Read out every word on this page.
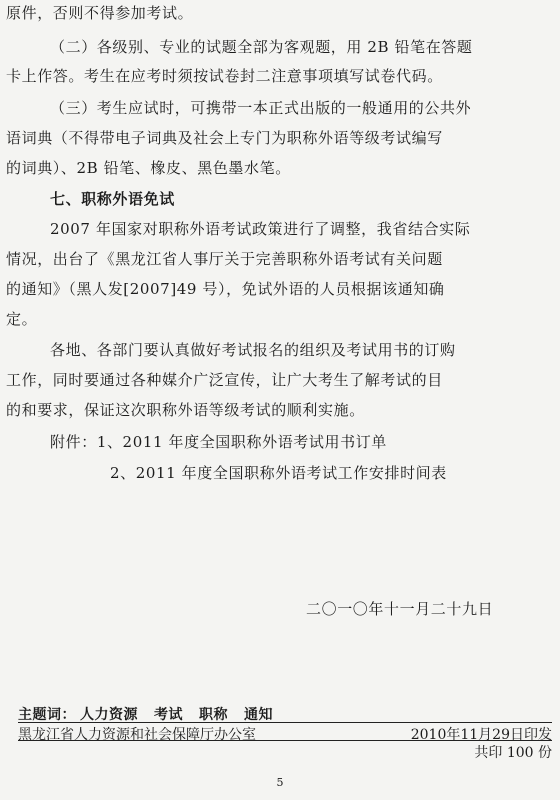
原件，否则不得参加考试。

（二）各级别、专业的试题全部为客观题，用 2B 铅笔在答题

卡上作答。考生在应考时须按试卷封二注意事项填写试卷代码。

（三）考生应试时，可携带一本正式出版的一般通用的公共外

语词典（不得带电子词典及社会上专门为职称外语等级考试编写

的词典）、2B 铅笔、橡皮、黑色墨水笔。

七、职称外语免试

2007 年国家对职称外语考试政策进行了调整，我省结合实际

情况，出台了《黑龙江省人事厅关于完善职称外语考试有关问题

的通知》（黑人发[2007]49 号），免试外语的人员根据该通知确

定。

各地、各部门要认真做好考试报名的组织及考试用书的订购

工作，同时要通过各种媒介广泛宣传，让广大考生了解考试的目

的和要求，保证这次职称外语等级考试的顺利实施。

附件：1、2011 年度全国职称外语考试用书订单

2、2011 年度全国职称外语考试工作安排时间表

二〇一〇年十一月二十九日

主题词： 人力资源 考试 职称 通知
黑龙江省人力资源和社会保障厅办公室	2010年11月29日印发
共印 100 份
5
